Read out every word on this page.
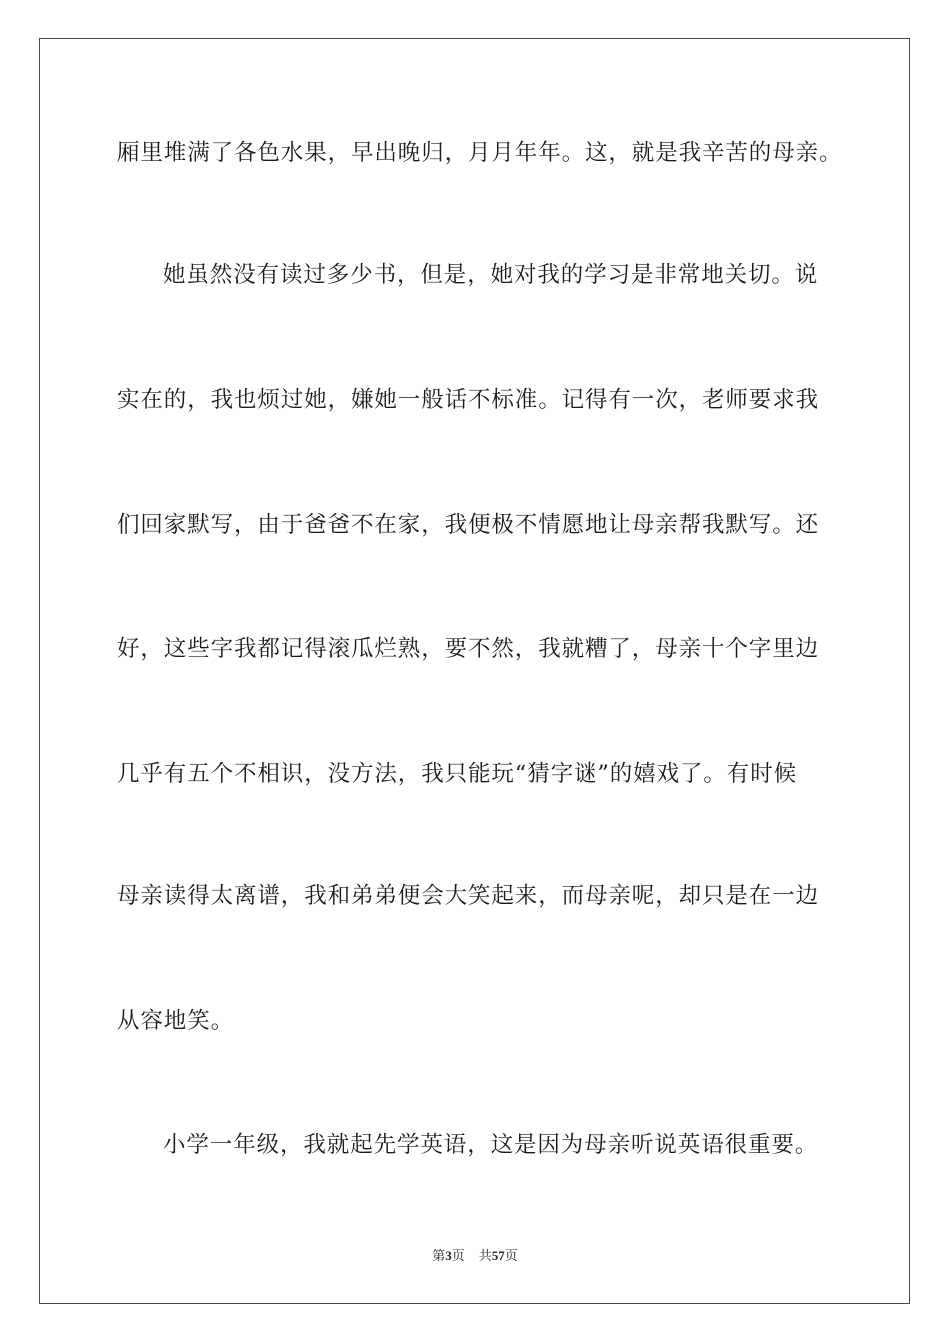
厢里堆满了各色水果，早出晚归，月月年年。这，就是我辛苦的母亲。
她虽然没有读过多少书，但是，她对我的学习是非常地关切。说
实在的，我也烦过她，嫌她一般话不标准。记得有一次，老师要求我
们回家默写，由于爸爸不在家，我便极不情愿地让母亲帮我默写。还
好，这些字我都记得滚瓜烂熟，要不然，我就糟了，母亲十个字里边
几乎有五个不相识，没方法，我只能玩“猜字谜”的嬉戏了。有时候
母亲读得太离谱，我和弟弟便会大笑起来，而母亲呢，却只是在一边
从容地笑。
小学一年级，我就起先学英语，这是因为母亲听说英语很重要。
第3页 共57页
